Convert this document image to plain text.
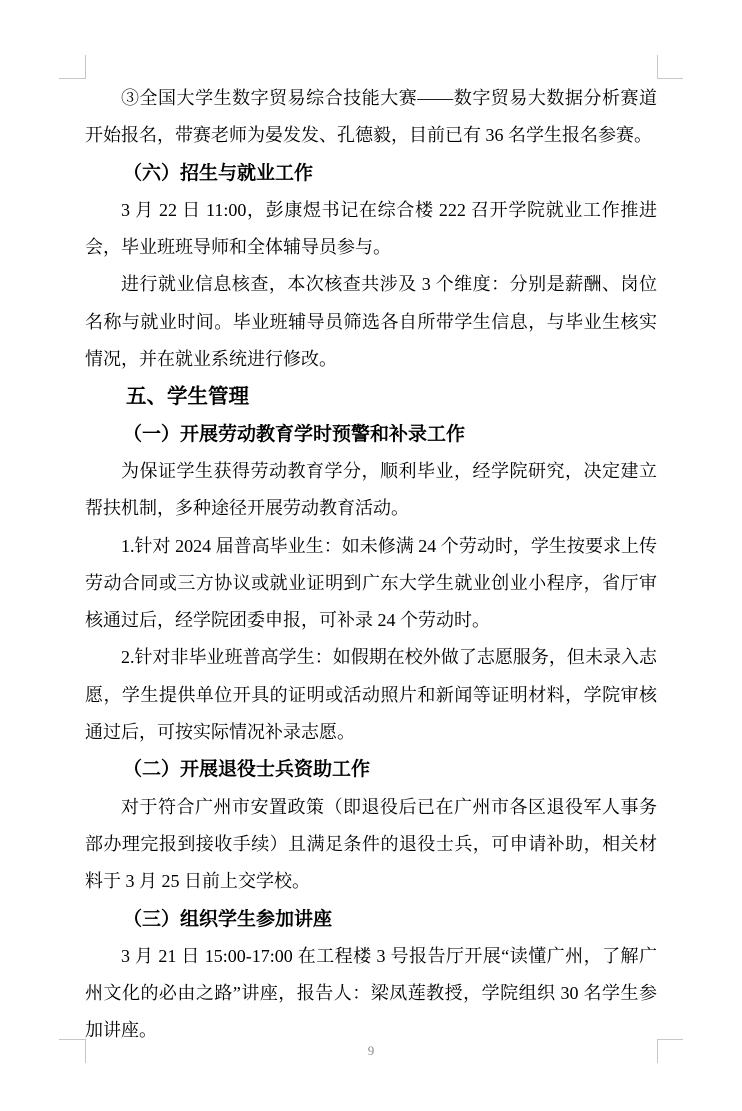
③全国大学生数字贸易综合技能大赛——数字贸易大数据分析赛道开始报名，带赛老师为晏发发、孔德毅，目前已有 36 名学生报名参赛。

（六）招生与就业工作

3 月 22 日 11:00，彭康煜书记在综合楼 222 召开学院就业工作推进会，毕业班班导师和全体辅导员参与。

进行就业信息核查，本次核查共涉及 3 个维度：分别是薪酬、岗位名称与就业时间。毕业班辅导员筛选各自所带学生信息，与毕业生核实情况，并在就业系统进行修改。

五、学生管理
（一）开展劳动教育学时预警和补录工作

为保证学生获得劳动教育学分，顺利毕业，经学院研究，决定建立帮扶机制，多种途径开展劳动教育活动。

1.针对 2024 届普高毕业生：如未修满 24 个劳动时，学生按要求上传劳动合同或三方协议或就业证明到广东大学生就业创业小程序，省厅审核通过后，经学院团委申报，可补录 24 个劳动时。

2.针对非毕业班普高学生：如假期在校外做了志愿服务，但未录入志愿，学生提供单位开具的证明或活动照片和新闻等证明材料，学院审核通过后，可按实际情况补录志愿。

（二）开展退役士兵资助工作

对于符合广州市安置政策（即退役后已在广州市各区退役军人事务部办理完报到接收手续）且满足条件的退役士兵，可申请补助，相关材料于 3 月 25 日前上交学校。

（三）组织学生参加讲座

3 月 21 日 15:00-17:00 在工程楼 3 号报告厅开展“读懂广州，了解广州文化的必由之路”讲座，报告人：梁凤莲教授，学院组织 30 名学生参加讲座。

9
